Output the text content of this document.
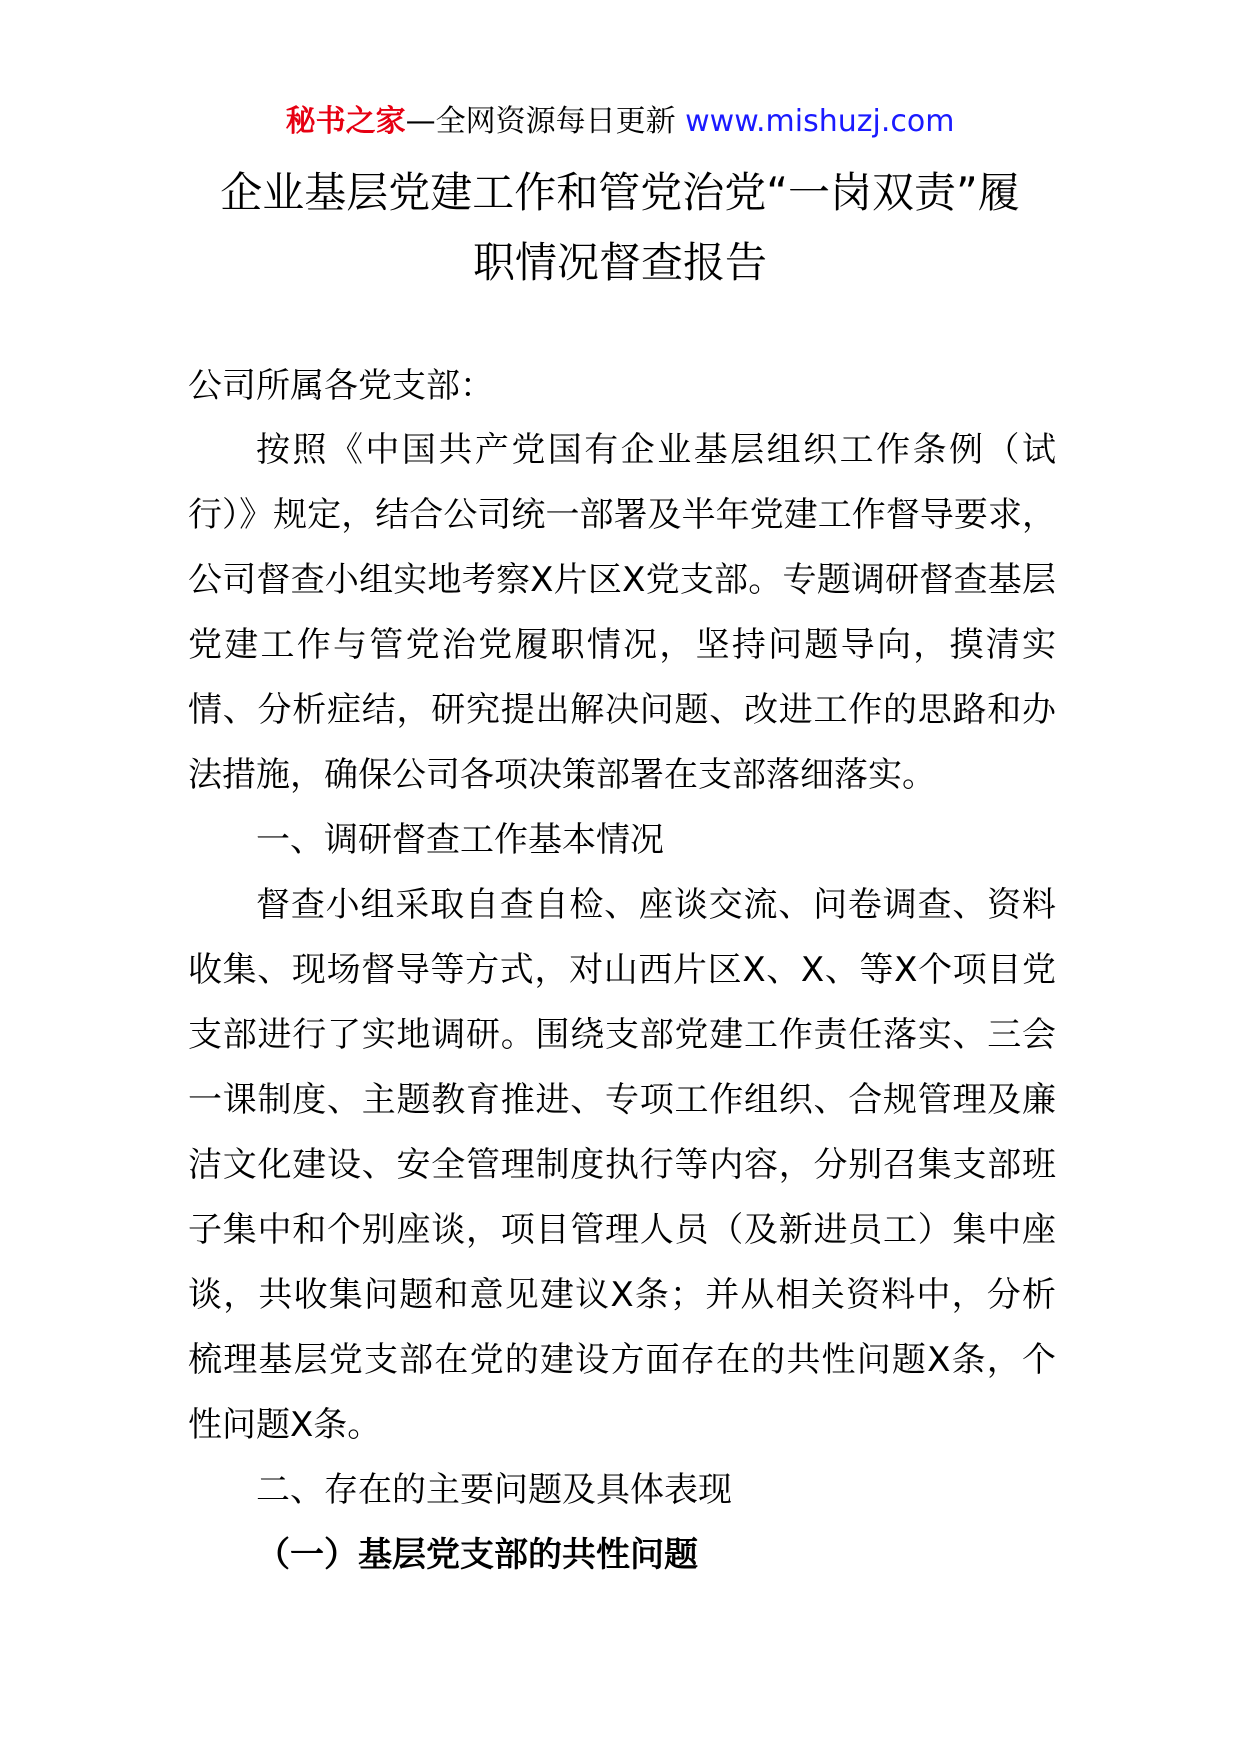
秘书之家—全网资源每日更新 www.mishuzj.com
企业基层党建工作和管党治党“一岗双责”履
职情况督查报告
公司所属各党支部：

按照《中国共产党国有企业基层组织工作条例（试行）》规定，结合公司统一部署及半年党建工作督导要求，公司督查小组实地考察X片区X党支部。专题调研督查基层党建工作与管党治党履职情况，坚持问题导向，摸清实情、分析症结，研究提出解决问题、改进工作的思路和办法措施，确保公司各项决策部署在支部落细落实。

一、调研督查工作基本情况

督查小组采取自查自检、座谈交流、问卷调查、资料收集、现场督导等方式，对山西片区X、X、等X个项目党支部进行了实地调研。围绕支部党建工作责任落实、三会一课制度、主题教育推进、专项工作组织、合规管理及廉洁文化建设、安全管理制度执行等内容，分别召集支部班子集中和个别座谈，项目管理人员（及新进员工）集中座谈，共收集问题和意见建议X条；并从相关资料中，分析梳理基层党支部在党的建设方面存在的共性问题X条，个性问题X条。

二、存在的主要问题及具体表现

（一）基层党支部的共性问题
